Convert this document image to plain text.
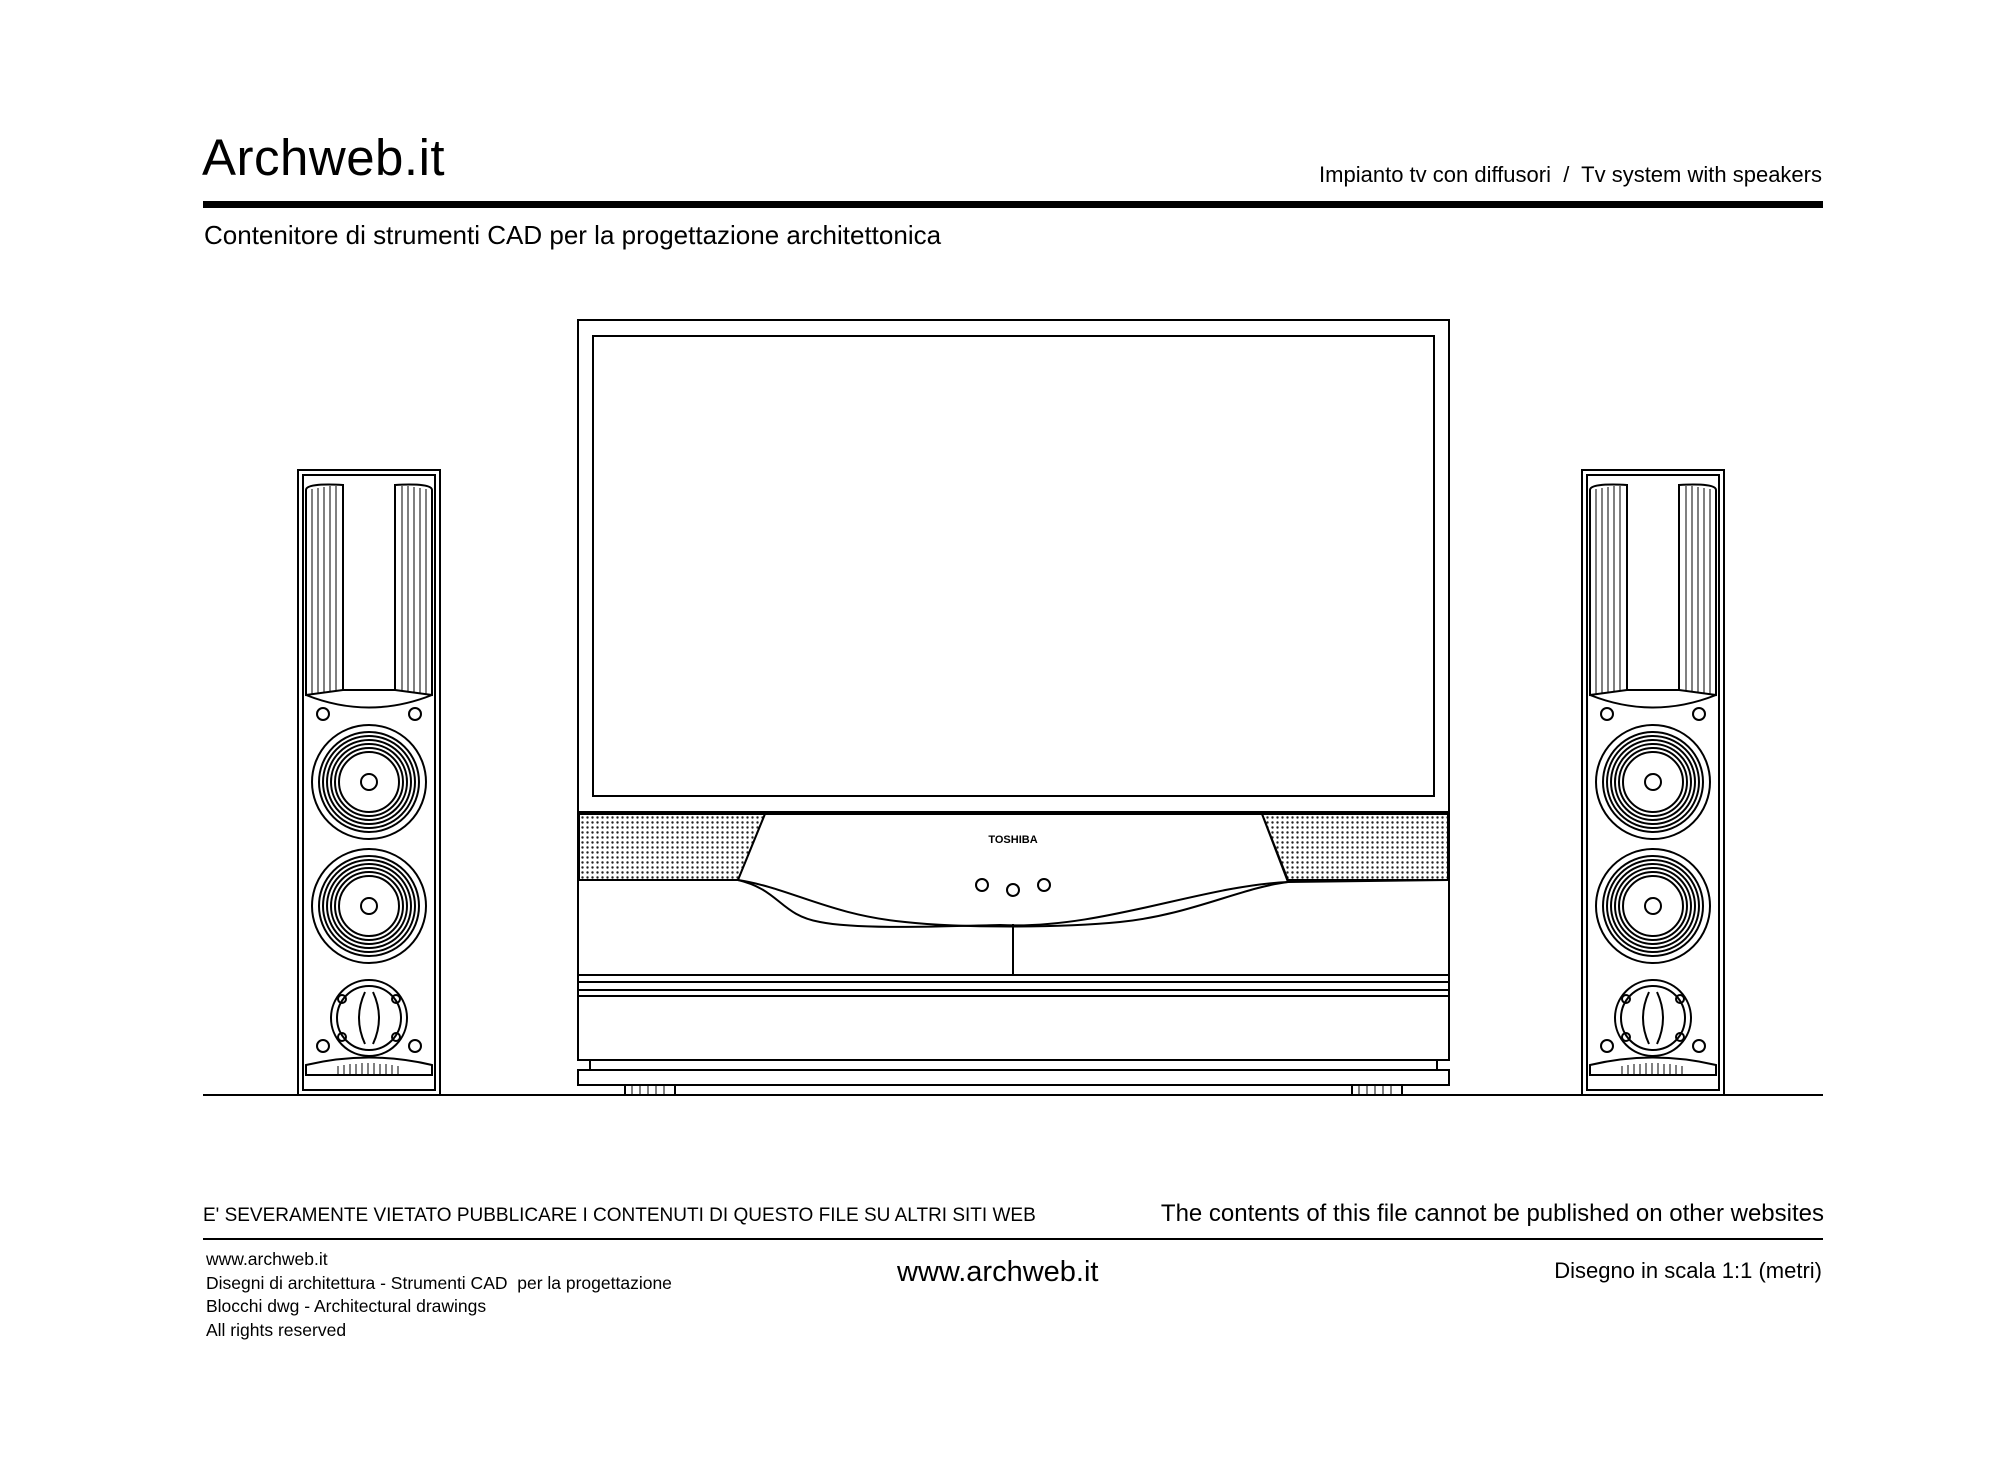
Archweb.it	Impianto tv con diffusori  /  Tv system with speakers
Contenitore di strumenti CAD per la progettazione architettonica
TOSHIBA
E' SEVERAMENTE VIETATO PUBBLICARE I CONTENUTI DI QUESTO FILE SU ALTRI SITI WEB	The contents of this file cannot be published on other websites
www.archweb.it
Disegni di architettura - Strumenti CAD  per la progettazione
Blocchi dwg - Architectural drawings
All rights reserved
www.archweb.it	Disegno in scala 1:1 (metri)
